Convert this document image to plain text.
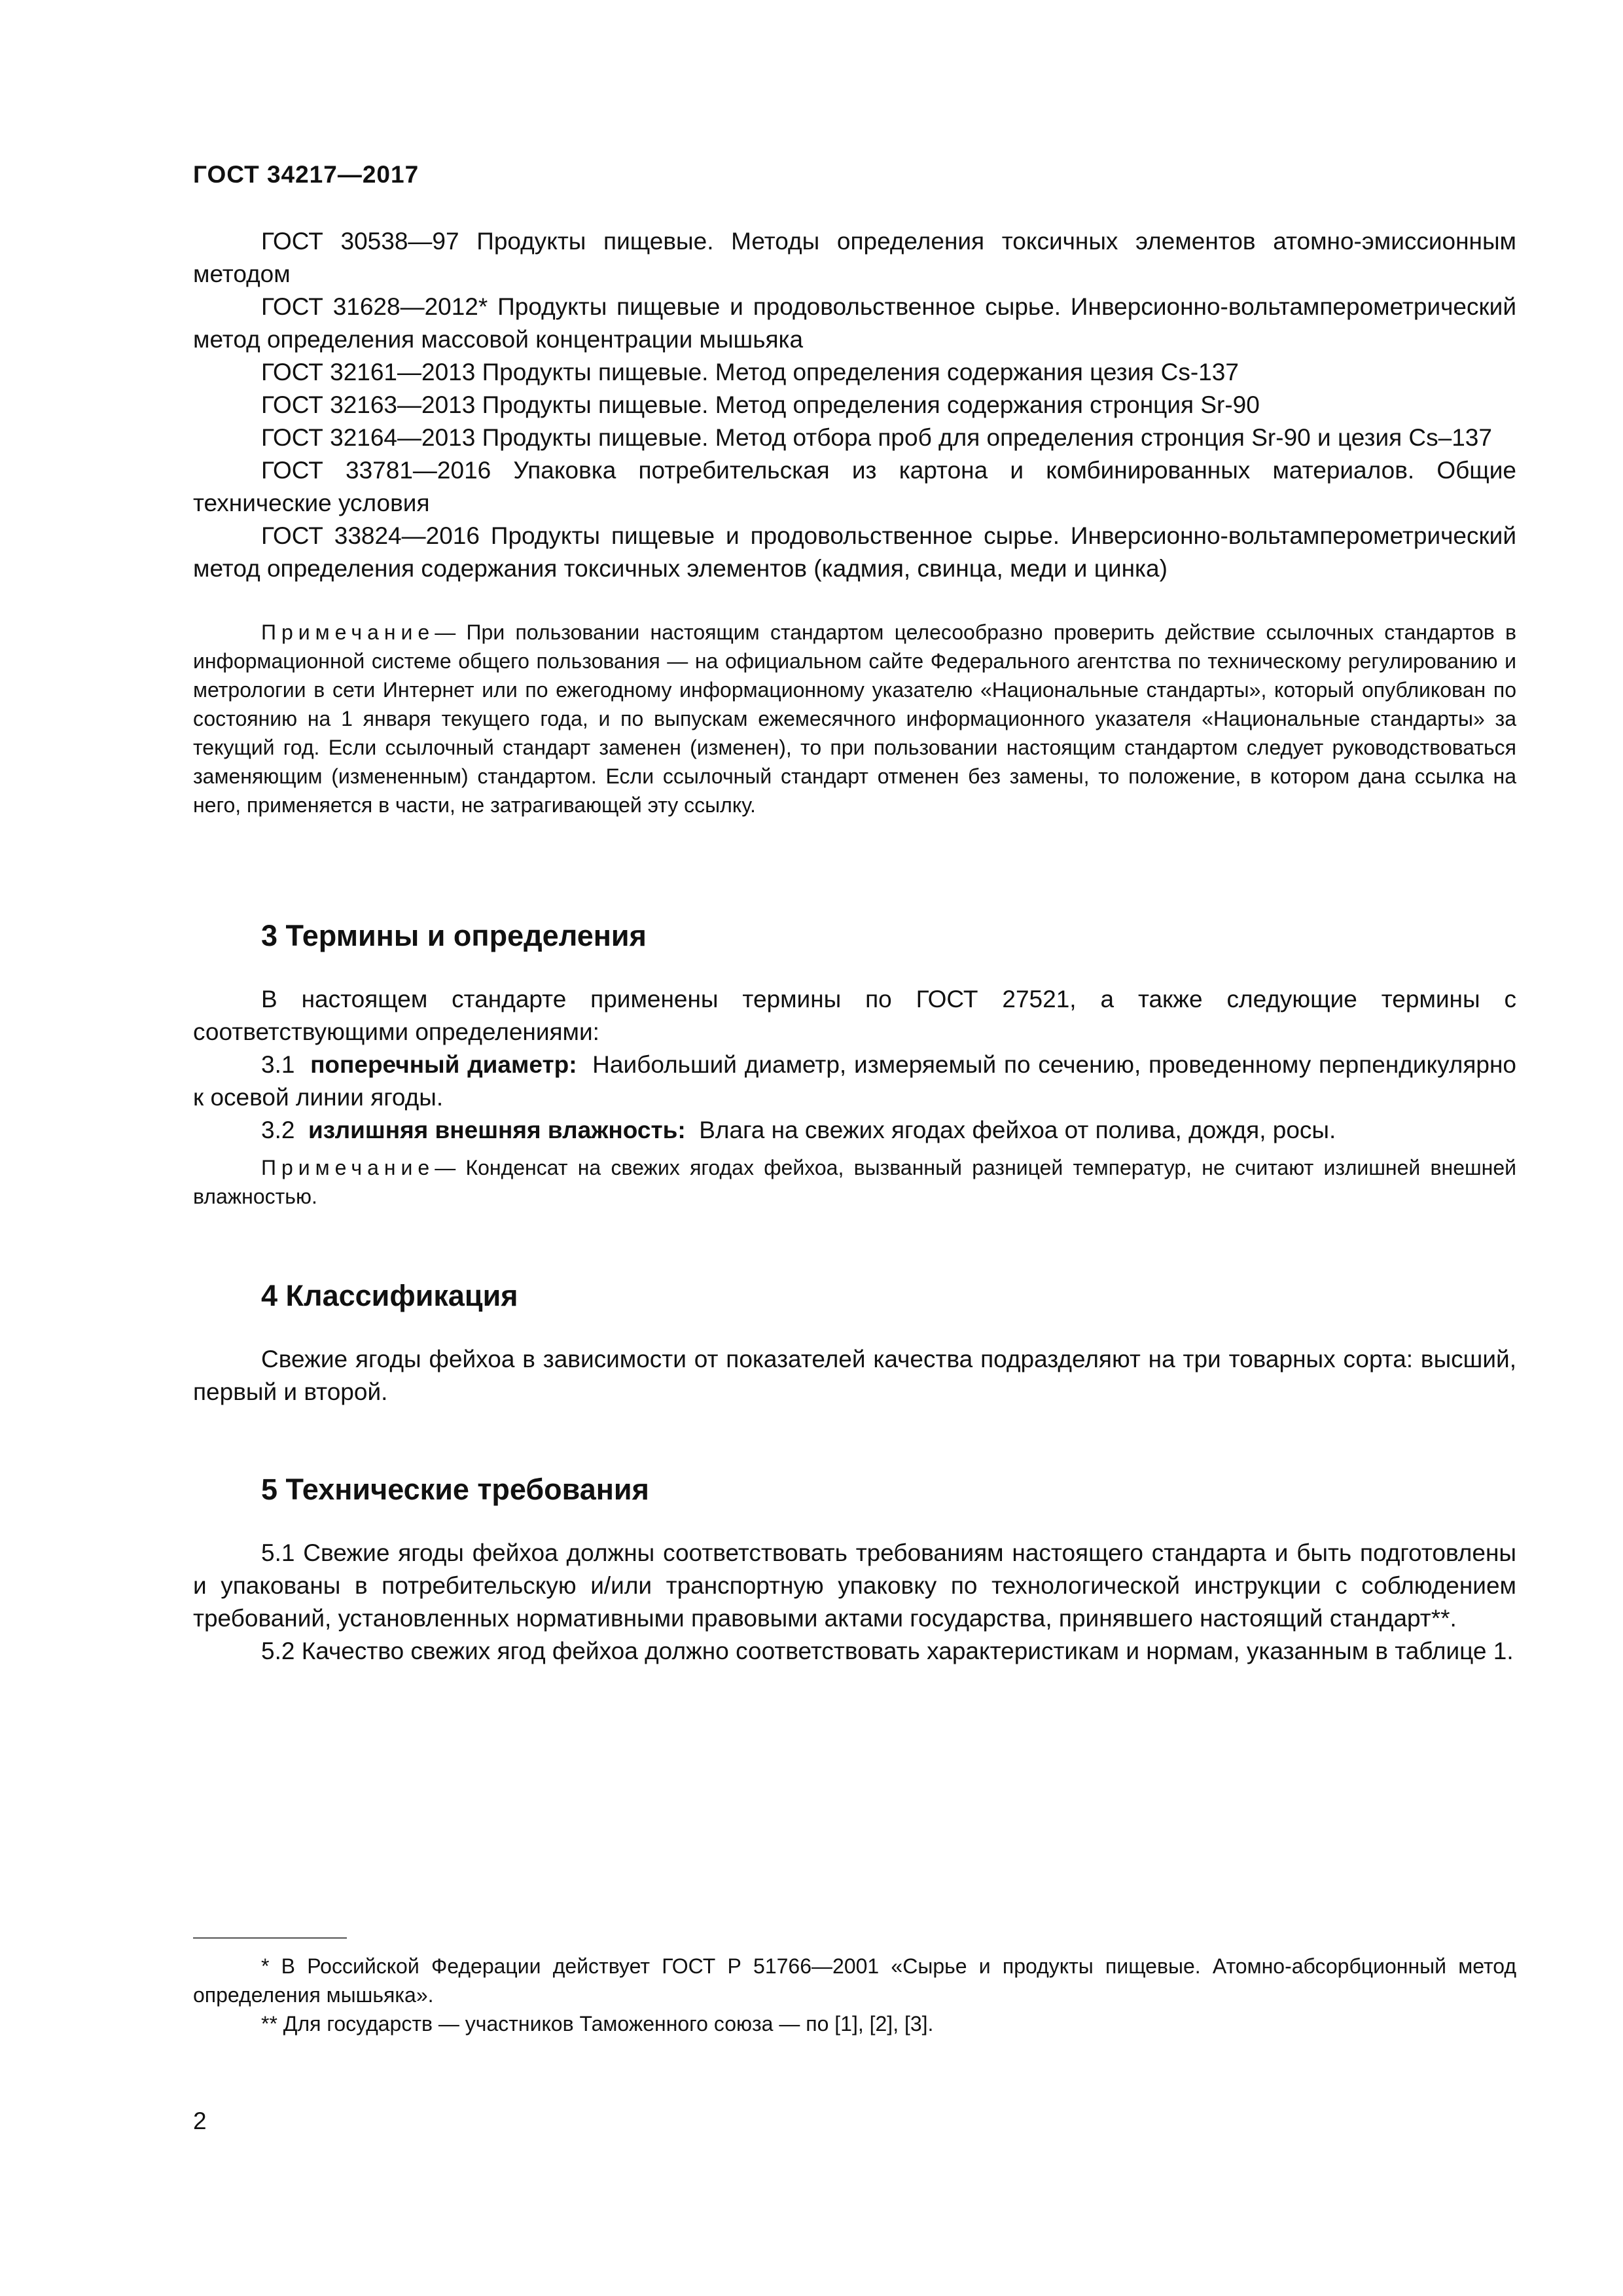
ГОСТ 34217—2017

ГОСТ 30538—97 Продукты пищевые. Методы определения токсичных элементов атомно-эмиссионным методом

ГОСТ 31628—2012* Продукты пищевые и продовольственное сырье. Инверсионно-вольтамперометрический метод определения массовой концентрации мышьяка

ГОСТ 32161—2013 Продукты пищевые. Метод определения содержания цезия Cs-137

ГОСТ 32163—2013 Продукты пищевые. Метод определения содержания стронция Sr-90

ГОСТ 32164—2013 Продукты пищевые. Метод отбора проб для определения стронция Sr-90 и цезия Cs–137

ГОСТ 33781—2016 Упаковка потребительская из картона и комбинированных материалов. Общие технические условия

ГОСТ 33824—2016 Продукты пищевые и продовольственное сырье. Инверсионно-вольтамперометрический метод определения содержания токсичных элементов (кадмия, свинца, меди и цинка)

Примечание— При пользовании настоящим стандартом целесообразно проверить действие ссылочных стандартов в информационной системе общего пользования — на официальном сайте Федерального агентства по техническому регулированию и метрологии в сети Интернет или по ежегодному информационному указателю «Национальные стандарты», который опубликован по состоянию на 1 января текущего года, и по выпускам ежемесячного информационного указателя «Национальные стандарты» за текущий год. Если ссылочный стандарт заменен (изменен), то при пользовании настоящим стандартом следует руководствоваться заменяющим (измененным) стандартом. Если ссылочный стандарт отменен без замены, то положение, в котором дана ссылка на него, применяется в части, не затрагивающей эту ссылку.

3 Термины и определения

В настоящем стандарте применены термины по ГОСТ 27521, а также следующие термины с соответствующими определениями:

3.1 поперечный диаметр: Наибольший диаметр, измеряемый по сечению, проведенному перпендикулярно к осевой линии ягоды.

3.2 излишняя внешняя влажность: Влага на свежих ягодах фейхоа от полива, дождя, росы.

Примечание— Конденсат на свежих ягодах фейхоа, вызванный разницей температур, не считают излишней внешней влажностью.

4 Классификация

Свежие ягоды фейхоа в зависимости от показателей качества подразделяют на три товарных сорта: высший, первый и второй.

5 Технические требования

5.1 Свежие ягоды фейхоа должны соответствовать требованиям настоящего стандарта и быть подготовлены и упакованы в потребительскую и/или транспортную упаковку по технологической инструкции с соблюдением требований, установленных нормативными правовыми актами государства, принявшего настоящий стандарт**.

5.2 Качество свежих ягод фейхоа должно соответствовать характеристикам и нормам, указанным в таблице 1.

* В Российской Федерации действует ГОСТ Р 51766—2001 «Сырье и продукты пищевые. Атомно-абсорбционный метод определения мышьяка».

** Для государств — участников Таможенного союза — по [1], [2], [3].

2
